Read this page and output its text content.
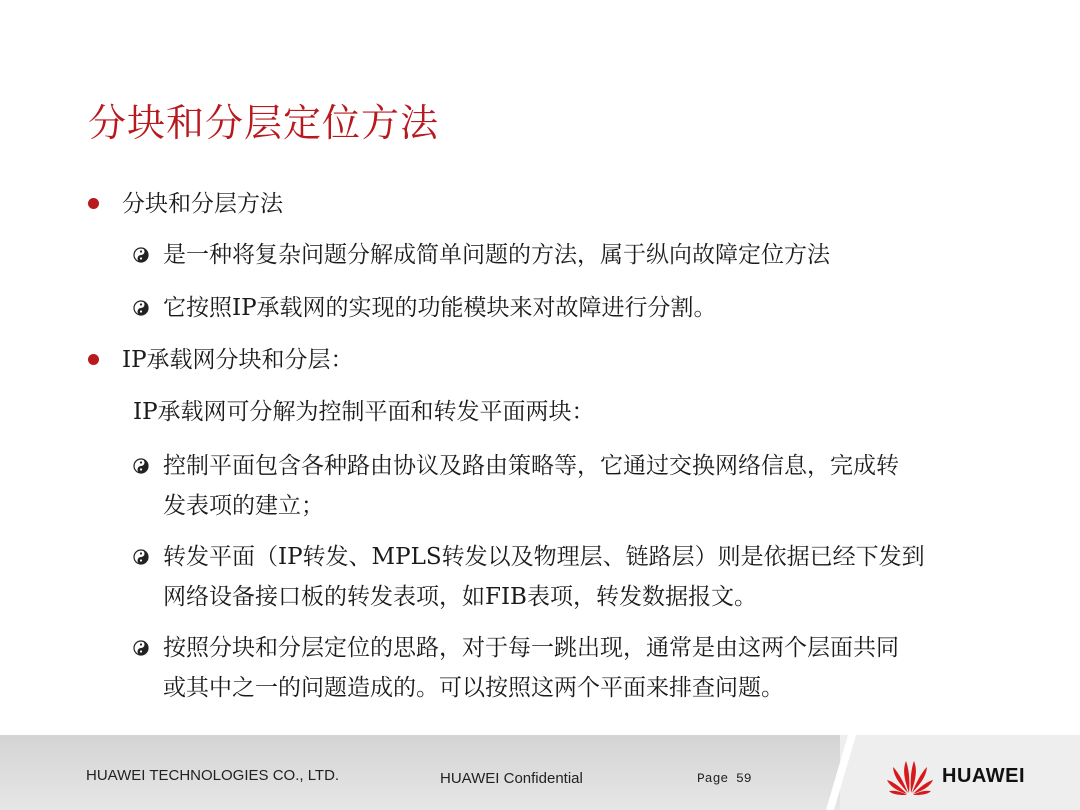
分块和分层定位方法
分块和分层方法
是一种将复杂问题分解成简单问题的方法，属于纵向故障定位方法
它按照IP承载网的实现的功能模块来对故障进行分割。
IP承载网分块和分层：
IP承载网可分解为控制平面和转发平面两块：
控制平面包含各种路由协议及路由策略等，它通过交换网络信息，完成转
发表项的建立；
转发平面（IP转发、MPLS转发以及物理层、链路层）则是依据已经下发到
网络设备接口板的转发表项，如FIB表项，转发数据报文。
按照分块和分层定位的思路，对于每一跳出现，通常是由这两个层面共同
或其中之一的问题造成的。可以按照这两个平面来排查问题。
HUAWEI TECHNOLOGIES CO., LTD.	HUAWEI Confidential	Page 59	HUAWEI
